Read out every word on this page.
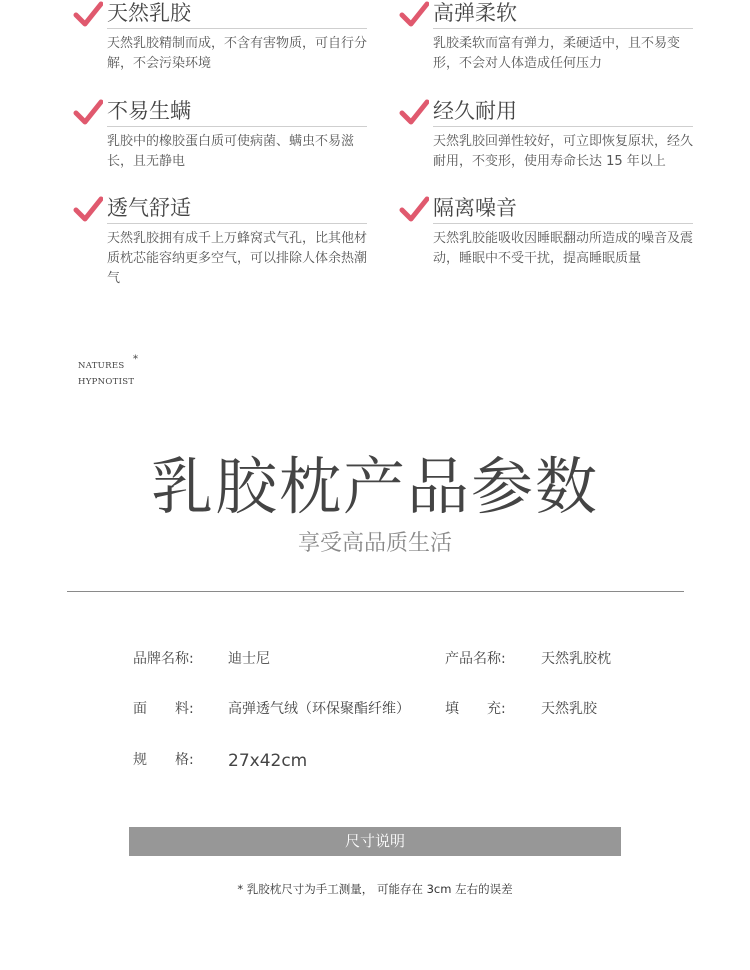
天然乳胶
天然乳胶精制而成，不含有害物质，可自行分解，不会污染环境
高弹柔软
乳胶柔软而富有弹力，柔硬适中，且不易变形，不会对人体造成任何压力
不易生螨
乳胶中的橡胶蛋白质可使病菌、螨虫不易滋长，且无静电
经久耐用
天然乳胶回弹性较好，可立即恢复原状，经久耐用，不变形，使用寿命长达 15 年以上
透气舒适
天然乳胶拥有成千上万蜂窝式气孔，比其他材质枕芯能容纳更多空气，可以排除人体余热潮气
隔离噪音
天然乳胶能吸收因睡眠翻动所造成的噪音及震动，睡眠中不受干扰，提高睡眠质量
NATURES
HYPNOTIST
*
乳胶枕产品参数
享受高品质生活
品牌名称: 迪士尼	产品名称:	天然乳胶枕
面　　料: 高弹透气绒（环保聚酯纤维）	填　　充:	天然乳胶
规　　格: 27x42cm
尺寸说明
* 乳胶枕尺寸为手工测量， 可能存在 3cm 左右的误差
